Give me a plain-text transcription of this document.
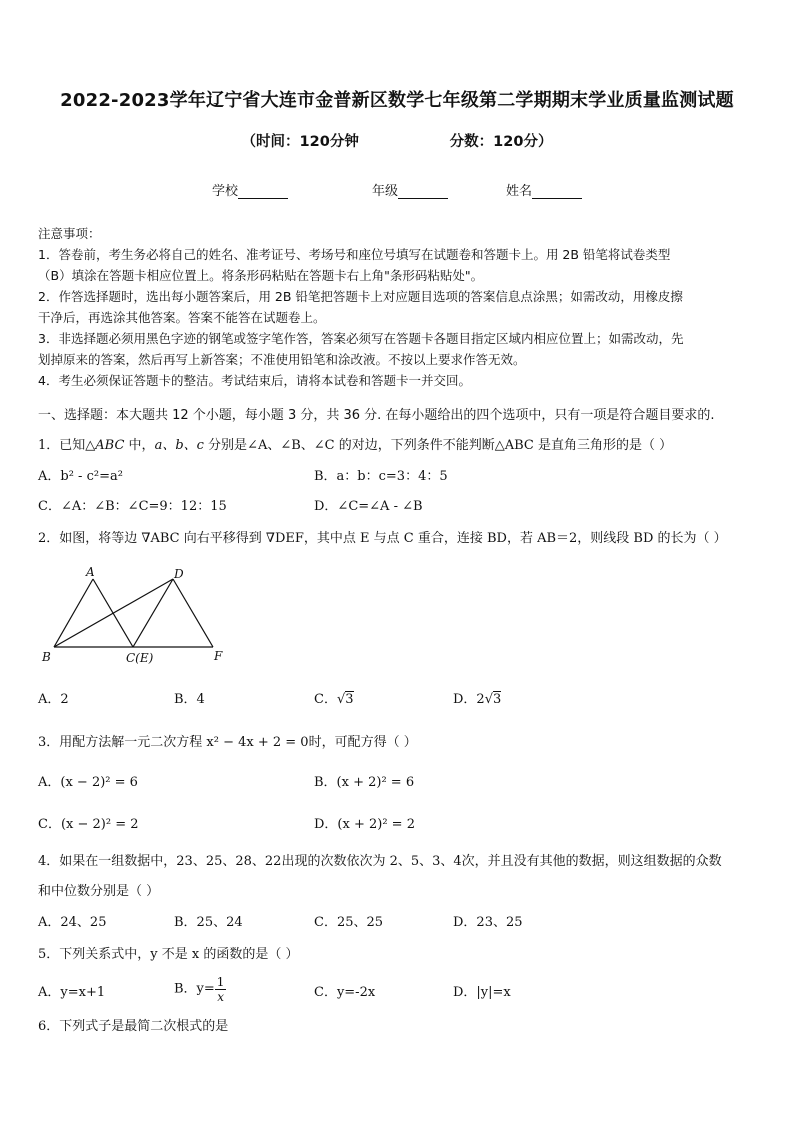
2022-2023学年辽宁省大连市金普新区数学七年级第二学期期末学业质量监测试题
（时间：120分钟                  分数：120分）
学校	年级	姓名

注意事项：

1．答卷前，考生务必将自己的姓名、准考证号、考场号和座位号填写在试题卷和答题卡上。用 2B 铅笔将试卷类型

（B）填涂在答题卡相应位置上。将条形码粘贴在答题卡右上角"条形码粘贴处"。

2．作答选择题时，选出每小题答案后，用 2B 铅笔把答题卡上对应题目选项的答案信息点涂黑；如需改动，用橡皮擦

干净后，再选涂其他答案。答案不能答在试题卷上。

3．非选择题必须用黑色字迹的钢笔或签字笔作答，答案必须写在答题卡各题目指定区域内相应位置上；如需改动，先

划掉原来的答案，然后再写上新答案；不准使用铅笔和涂改液。不按以上要求作答无效。

4．考生必须保证答题卡的整洁。考试结束后，请将本试卷和答题卡一并交回。

一、选择题：本大题共 12 个小题，每小题 3 分，共 36 分. 在每小题给出的四个选项中，只有一项是符合题目要求的.
1．已知△ABC 中，a、b、c 分别是∠A、∠B、∠C 的对边，下列条件不能判断△ABC 是直角三角形的是（ ）
A．b² - c²=a²	B．a：b：c=3：4：5
C．∠A：∠B：∠C=9：12：15	D．∠C=∠A - ∠B
2．如图，将等边 ∇ABC 向右平移得到 ∇DEF，其中点 E 与点 C 重合，连接 BD，若 AB＝2，则线段 BD 的长为（ ）
A	D
B	C(E)	F
A．2	B．4	C．√3	D．2√3
3．用配方法解一元二次方程 x² − 4x + 2 = 0时，可配方得（ ）
A．(x − 2)² = 6	B．(x + 2)² = 6
C．(x − 2)² = 2	D．(x + 2)² = 2
4．如果在一组数据中，23、25、28、22出现的次数依次为 2、5、3、4次，并且没有其他的数据，则这组数据的众数
和中位数分别是（ ）
A．24、25	B．25、24	C．25、25	D．23、25
5．下列关系式中，y 不是 x 的函数的是（ ）
A．y=x+1	B．$y= \frac{1}{x}$	C．y=-2x	D．|y|=x
6．下列式子是最简二次根式的是
